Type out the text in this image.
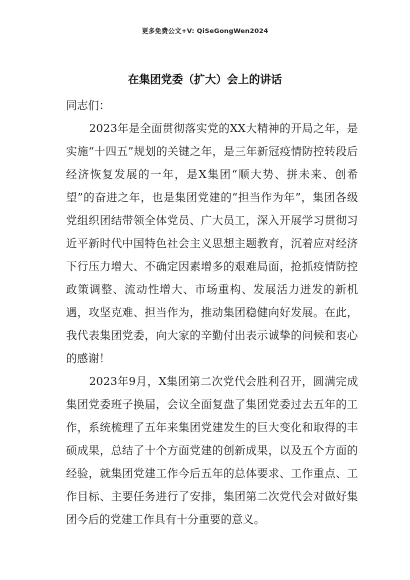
更多免费公文+V: QiSeGongWen2024
在集团党委（扩大）会上的讲话

同志们：

2023年是全面贯彻落实党的XX大精神的开局之年，是实施“十四五”规划的关键之年，是三年新冠疫情防控转段后经济恢复发展的一年，是X集团“顺大势、拼未来、创希望”的奋进之年，也是集团党建的“担当作为年”，集团各级党组织团结带领全体党员、广大员工，深入开展学习贯彻习近平新时代中国特色社会主义思想主题教育，沉着应对经济下行压力增大、不确定因素增多的艰难局面，抢抓疫情防控政策调整、流动性增大、市场重构、发展活力迸发的新机遇，攻坚克难、担当作为，推动集团稳健向好发展。在此，我代表集团党委，向大家的辛勤付出表示诚挚的问候和衷心的感谢！

2023年9月，X集团第二次党代会胜利召开，圆满完成集团党委班子换届，会议全面复盘了集团党委过去五年的工作，系统梳理了五年来集团党建发生的巨大变化和取得的丰硕成果，总结了十个方面党建的创新成果，以及五个方面的经验，就集团党建工作今后五年的总体要求、工作重点、工作目标、主要任务进行了安排，集团第二次党代会对做好集团今后的党建工作具有十分重要的意义。
